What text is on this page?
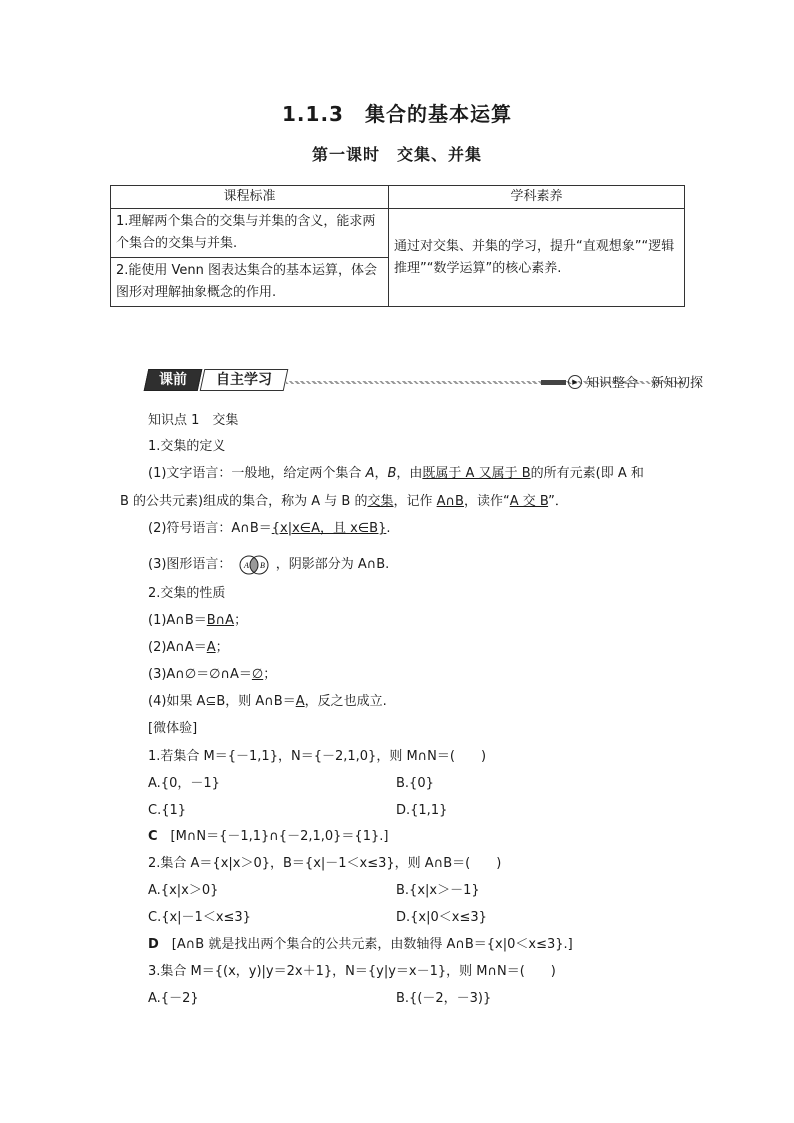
1.1.3　集合的基本运算
第一课时　交集、并集
课程标准	学科素养
1.理解两个集合的交集与并集的含义，能求两个集合的交集与并集.	通过对交集、并集的学习，提升“直观想象”“逻辑推理”“数学运算”的核心素养.
2.能使用 Venn 图表达集合的基本运算，体会图形对理解抽象概念的作用.	
课前	自主学习	▶ 知识整合　新知初探
知识点 1　交集
1.交集的定义
(1)文字语言：一般地，给定两个集合 A，B，由既属于 A 又属于 B的所有元素(即 A 和
B 的公共元素)组成的集合，称为 A 与 B 的交集，记作 A∩B，读作“A 交 B”．
(2)符号语言：A∩B＝{x|x∈A，且 x∈B}.
(3)图形语言： A B ，阴影部分为 A∩B.
2.交集的性质
(1)A∩B＝B∩A；
(2)A∩A＝A；
(3)A∩∅＝∅∩A＝∅；
(4)如果 A⊆B，则 A∩B＝A，反之也成立.
[微体验]
1.若集合 M＝{－1,1}，N＝{－2,1,0}，则 M∩N＝(　　)
A.{0，－1}	B.{0}
C.{1}	D.{1,1}
C　[M∩N＝{－1,1}∩{－2,1,0}＝{1}.]
2.集合 A＝{x|x＞0}，B＝{x|－1＜x≤3}，则 A∩B＝(　　)
A.{x|x＞0}	B.{x|x＞－1}
C.{x|－1＜x≤3}	D.{x|0＜x≤3}
D　[A∩B 就是找出两个集合的公共元素，由数轴得 A∩B＝{x|0＜x≤3}.]
3.集合 M＝{(x，y)|y＝2x＋1}，N＝{y|y＝x－1}，则 M∩N＝(　　)
A.{－2}	B.{(－2，－3)}
